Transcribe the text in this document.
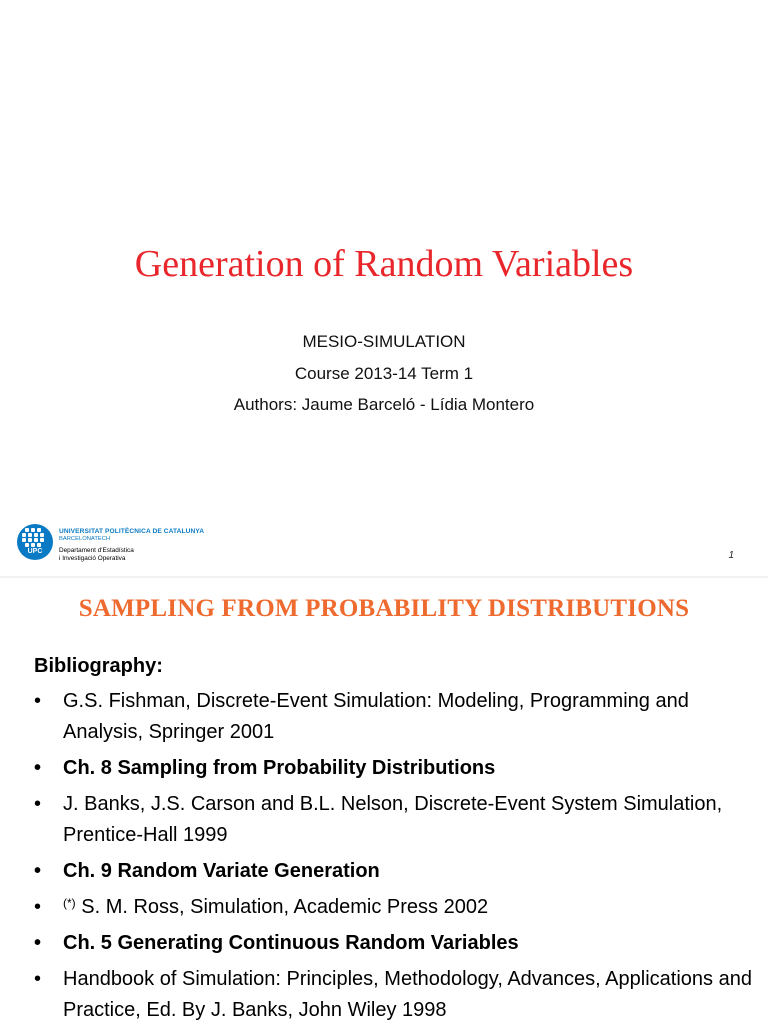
Generation of Random Variables
MESIO-SIMULATION
Course 2013-14 Term 1
Authors: Jaume Barceló - Lídia Montero
UPC
UNIVERSITAT POLITÈCNICA DE CATALUNYA
BARCELONATECH
Departament d'Estadística
i Investigació Operativa	1
SAMPLING FROM PROBABILITY DISTRIBUTIONS
Bibliography:
• G.S. Fishman, Discrete-Event Simulation: Modeling, Programming and Analysis, Springer 2001
• Ch. 8 Sampling from Probability Distributions
• J. Banks, J.S. Carson and B.L. Nelson, Discrete-Event System Simulation, Prentice-Hall 1999
• Ch. 9 Random Variate Generation
• (*) S. M. Ross, Simulation, Academic Press 2002
• Ch. 5 Generating Continuous Random Variables
• Handbook of Simulation: Principles, Methodology, Advances, Applications and Practice, Ed. By J. Banks, John Wiley 1998
